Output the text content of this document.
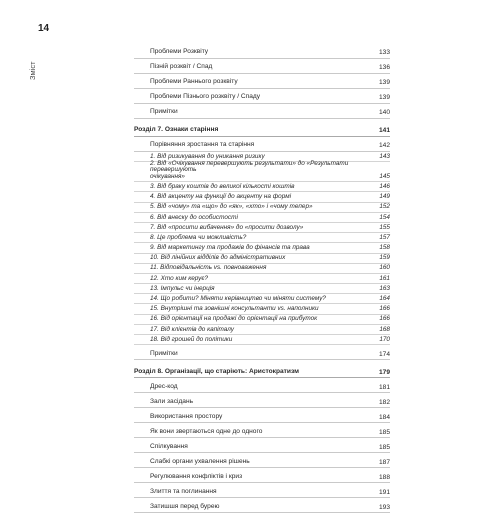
14
Зміст
Проблеми Розквіту	133
Пізній розквіт / Спад	136
Проблеми Раннього розквіту	139
Проблеми Пізнього розквіту / Спаду	139
Примітки	140
Розділ 7. Ознаки старіння	141
Порівняння зростання та старіння	142
1. Від ризикування до уникання ризику	143
2. Від «Очікування перевершують результати» до «Результати перевершують
очікування»	145
3. Від браку коштів до великої кількості коштів	146
4. Від акценту на функції до акценту на формі	149
5. Від «чому» та «що» до «як», «хто» і «чому тепер»	152
6. Від внеску до особистості	154
7. Від «просити вибачення» до «просити дозволу»	155
8. Це проблема чи можливість?	157
9. Від маркетингу та продажів до фінансів та права	158
10. Від лінійних відділів до адміністративних	159
11. Відповідальність vs. повноваження	160
12. Хто ким керує?	161
13. Імпульс чи інерція	163
14. Що робити? Міняти керівництво чи міняти систему?	164
15. Внутрішні та зовнішні консультанти vs. наполники	166
16. Від орієнтації на продажі до орієнтації на прибуток	166
17. Від клієнтів до капіталу	168
18. Від грошей до політики	170
Примітки	174
Розділ 8. Організації, що старіють: Аристократизм	179
Дрес-код	181
Зали засідань	182
Використання простору	184
Як вони звертаються одне до одного	185
Спілкування	185
Слабкі органи ухвалення рішень	187
Регулювання конфліктів і криз	188
Злиття та поглинання	191
Затишшя перед бурею	193
